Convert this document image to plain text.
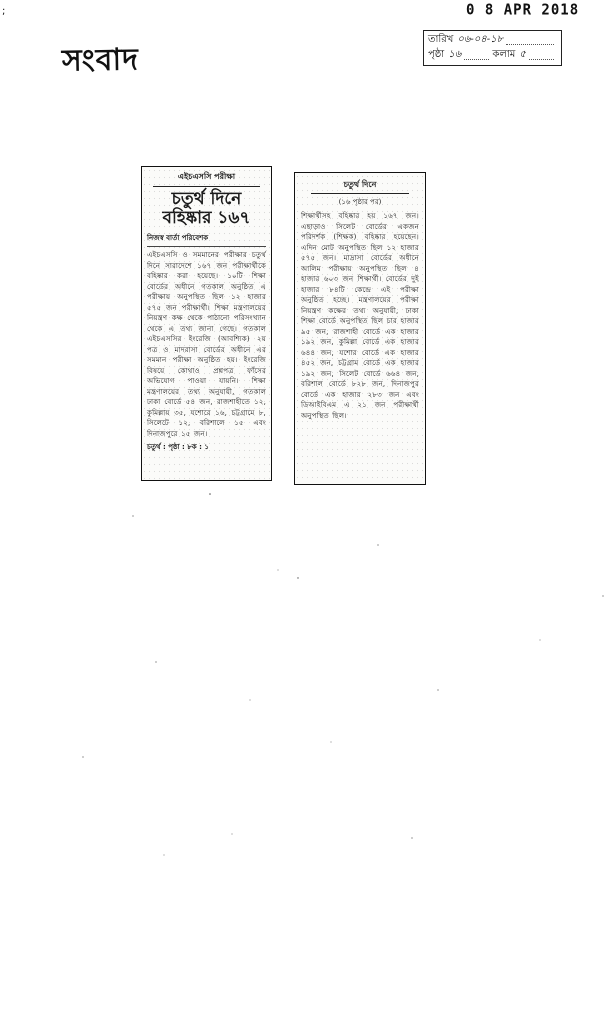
;	0 8 APR 2018
সংবাদ
তারিখ ০৬-০৪-১৮
পৃষ্ঠা ১৬	কলাম ৫
এইচএসসি পরীক্ষা
চতুর্থ দিনে
বহিষ্কার ১৬৭
নিজস্ব বার্তা পরিবেশক
এইচএসসি ও সমমানের পরীক্ষার চতুর্থ দিনে সারাদেশে ১৬৭ জন পরীক্ষার্থীকে বহিষ্কার করা হয়েছে। ১০টি শিক্ষা বোর্ডের অধীনে গতকাল অনুষ্ঠিত এ পরীক্ষায় অনুপস্থিত ছিল ১২ হাজার ৫৭৫ জন পরীক্ষার্থী। শিক্ষা মন্ত্রণালয়ের নিয়ন্ত্রণ কক্ষ থেকে পাঠানো পরিসংখ্যান থেকে এ তথ্য জানা গেছে। গতকাল এইচএসসির ইংরেজি (আবশ্যিক) ২য় পত্র ও মাদরাসা বোর্ডের অধীনে এর সমমান পরীক্ষা অনুষ্ঠিত হয়। ইংরেজি বিষয়ে কোথাও প্রশ্নপত্র ফাঁসের অভিযোগ পাওয়া যায়নি। শিক্ষা মন্ত্রণালয়ের তথ্য অনুযায়ী, গতকাল ঢাকা বোর্ডে ৫৪ জন, রাজশাহীতে ১২, কুমিল্লায় ৩৫, যশোরে ১৬, চট্টগ্রামে ৮, সিলেটে ১২, বরিশালে ১৫ এবং দিনাজপুরে ১৫ জন।
চতুর্থ : পৃষ্ঠা : ৮ক : ১
চতুর্থ দিনে
(১৬ পৃষ্ঠার পর)
শিক্ষার্থীসহ বহিষ্কার হয় ১৬৭ জন। এছাড়াও সিলেট বোর্ডের একজন পরিদর্শক (শিক্ষক) বহিষ্কার হয়েছেন। এদিন মোট অনুপস্থিত ছিল ১২ হাজার ৫৭৫ জন। মাদ্রাসা বোর্ডের অধীনে আলিম পরীক্ষায় অনুপস্থিত ছিল ৪ হাজার ৬০৩ জন শিক্ষার্থী। বোর্ডের দুই হাজার ৮৪টি কেন্দ্রে এই পরীক্ষা অনুষ্ঠিত হচ্ছে। মন্ত্রণালয়ের পরীক্ষা নিয়ন্ত্রণ কক্ষের তথ্য অনুযায়ী, ঢাকা শিক্ষা বোর্ডে অনুপস্থিত ছিল চার হাজার ৯৫ জন, রাজশাহী বোর্ডে এক হাজার ১৯২ জন, কুমিল্লা বোর্ডে এক হাজার ৬৪৪ জন, যশোর বোর্ডে এক হাজার ৪৫২ জন, চট্টগ্রাম বোর্ডে এক হাজার ১৯২ জন, সিলেট বোর্ডে ৬৬৪ জন, বরিশাল বোর্ডে ৮২৮ জন, দিনাজপুর বোর্ডে এক হাজার ২৮৩ জন এবং ডিআইবিএম এ ২১ জন পরীক্ষার্থী অনুপস্থিত ছিল।
